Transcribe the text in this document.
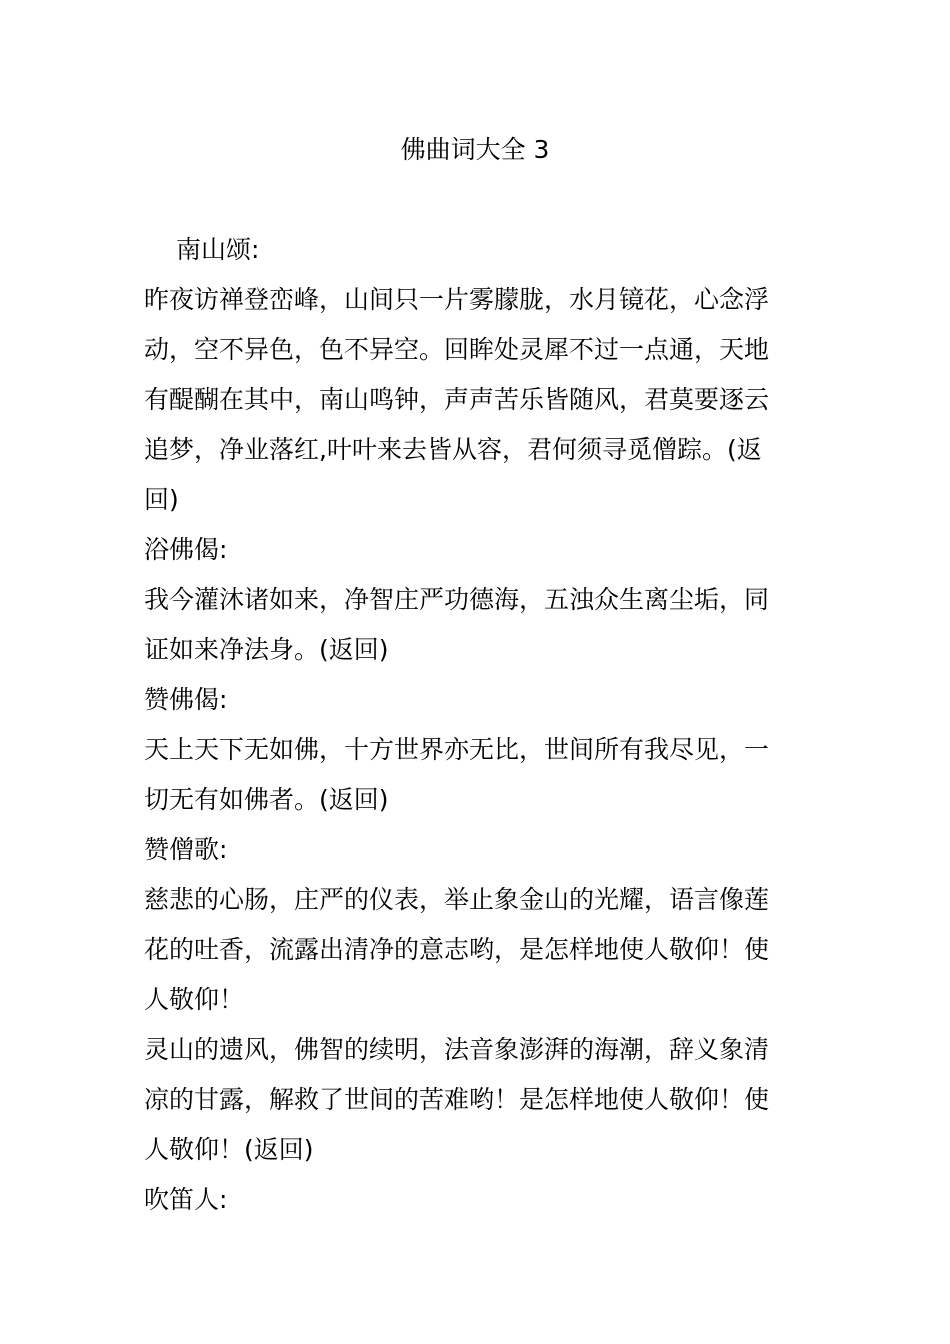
佛曲词大全 3

南山颂:

昨夜访禅登峦峰，山间只一片雾朦胧，水月镜花，心念浮动，空不异色，色不异空。回眸处灵犀不过一点通，天地有醍醐在其中，南山鸣钟，声声苦乐皆随风，君莫要逐云追梦，净业落红,叶叶来去皆从容，君何须寻觅僧踪。(返回)

浴佛偈:

我今灌沐诸如来，净智庄严功德海，五浊众生离尘垢，同证如来净法身。(返回)

赞佛偈:

天上天下无如佛，十方世界亦无比，世间所有我尽见，一切无有如佛者。(返回)

赞僧歌:

慈悲的心肠，庄严的仪表，举止象金山的光耀，语言像莲花的吐香，流露出清净的意志哟，是怎样地使人敬仰！使人敬仰！

灵山的遗风，佛智的续明，法音象澎湃的海潮，辞义象清凉的甘露，解救了世间的苦难哟！是怎样地使人敬仰！使人敬仰！(返回)

吹笛人:
